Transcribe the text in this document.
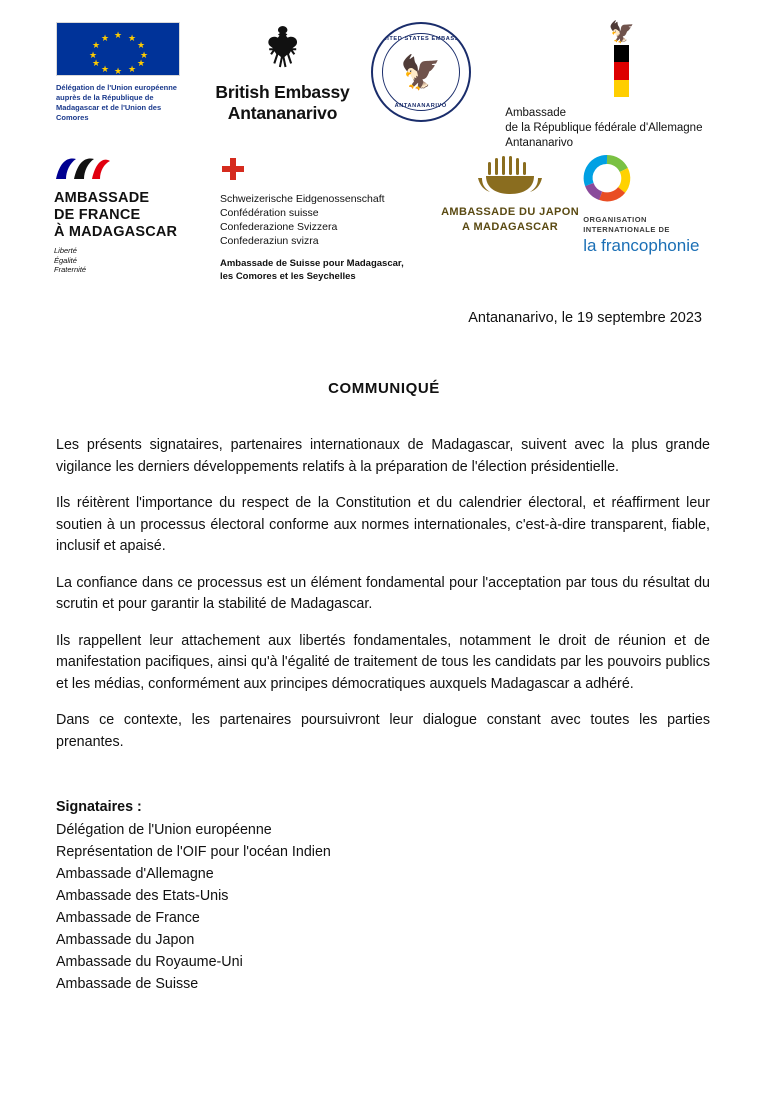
★ ★
★
★
★
★
★
★
★
★
★
★
Délégation de l'Union européenne auprès de la République de Madagascar et de l'Union des Comores
British Embassy
Antananarivo
UNITED STATES EMBASSY
🦅
ANTANANARIVO
🦅
Ambassade
de la République fédérale d'Allemagne
Antananarivo
AMBASSADE
DE FRANCE
À MADAGASCAR
Liberté
Égalité
Fraternité
Schweizerische Eidgenossenschaft
Confédération suisse
Confederazione Svizzera
Confederaziun svizra
Ambassade de Suisse pour Madagascar,
les Comores et les Seychelles
AMBASSADE DU JAPON
A MADAGASCAR
ORGANISATION
INTERNATIONALE DE
la francophonie
Antananarivo, le 19 septembre 2023
COMMUNIQUÉ

Les présents signataires, partenaires internationaux de Madagascar, suivent avec la plus grande vigilance les derniers développements relatifs à la préparation de l'élection présidentielle.

Ils réitèrent l'importance du respect de la Constitution et du calendrier électoral, et réaffirment leur soutien à un processus électoral conforme aux normes internationales, c'est-à-dire transparent, fiable, inclusif et apaisé.

La confiance dans ce processus est un élément fondamental pour l'acceptation par tous du résultat du scrutin et pour garantir la stabilité de Madagascar.

Ils rappellent leur attachement aux libertés fondamentales, notamment le droit de réunion et de manifestation pacifiques, ainsi qu'à l'égalité de traitement de tous les candidats par les pouvoirs publics et les médias, conformément aux principes démocratiques auxquels Madagascar a adhéré.

Dans ce contexte, les partenaires poursuivront leur dialogue constant avec toutes les parties prenantes.

Signataires :
Délégation de l'Union européenne
Représentation de l'OIF pour l'océan Indien
Ambassade d'Allemagne
Ambassade des Etats-Unis
Ambassade de France
Ambassade du Japon
Ambassade du Royaume-Uni
Ambassade de Suisse
